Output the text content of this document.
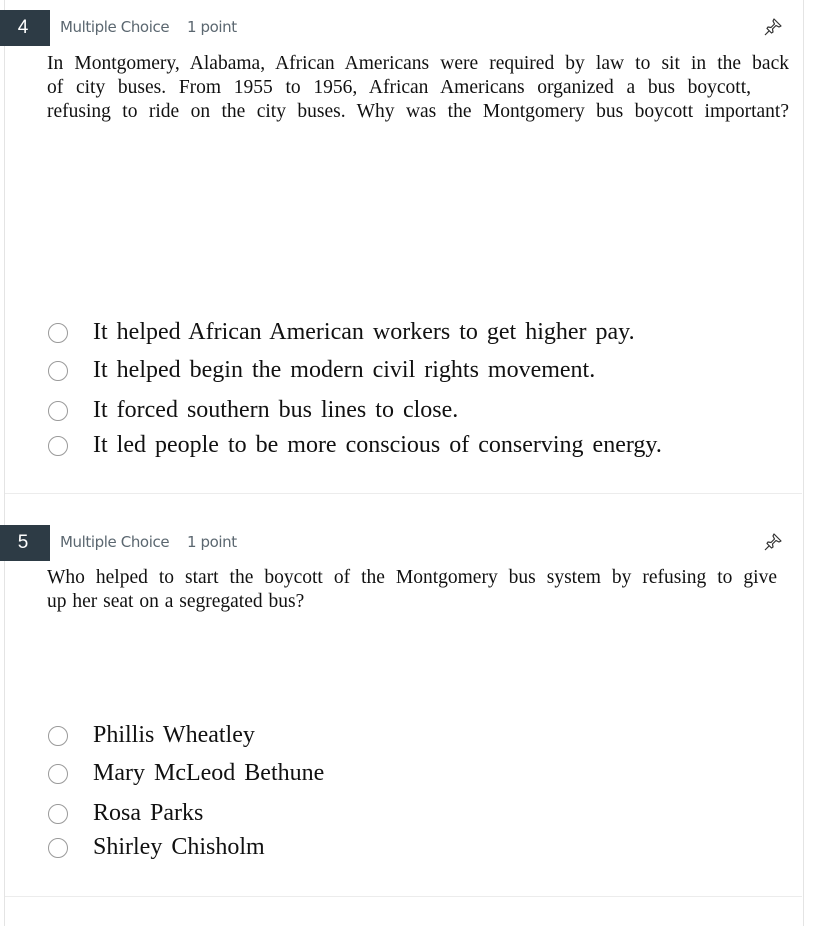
4	Multiple Choice 1 point
In Montgomery, Alabama, African Americans were required by law to sit in the back
of city buses. From 1955 to 1956, African Americans organized a bus boycott,
refusing to ride on the city buses. Why was the Montgomery bus boycott important?
It helped African American workers to get higher pay.
It helped begin the modern civil rights movement.
It forced southern bus lines to close.
It led people to be more conscious of conserving energy.
5	Multiple Choice 1 point
Who helped to start the boycott of the Montgomery bus system by refusing to give
up her seat on a segregated bus?
Phillis Wheatley
Mary McLeod Bethune
Rosa Parks
Shirley Chisholm
